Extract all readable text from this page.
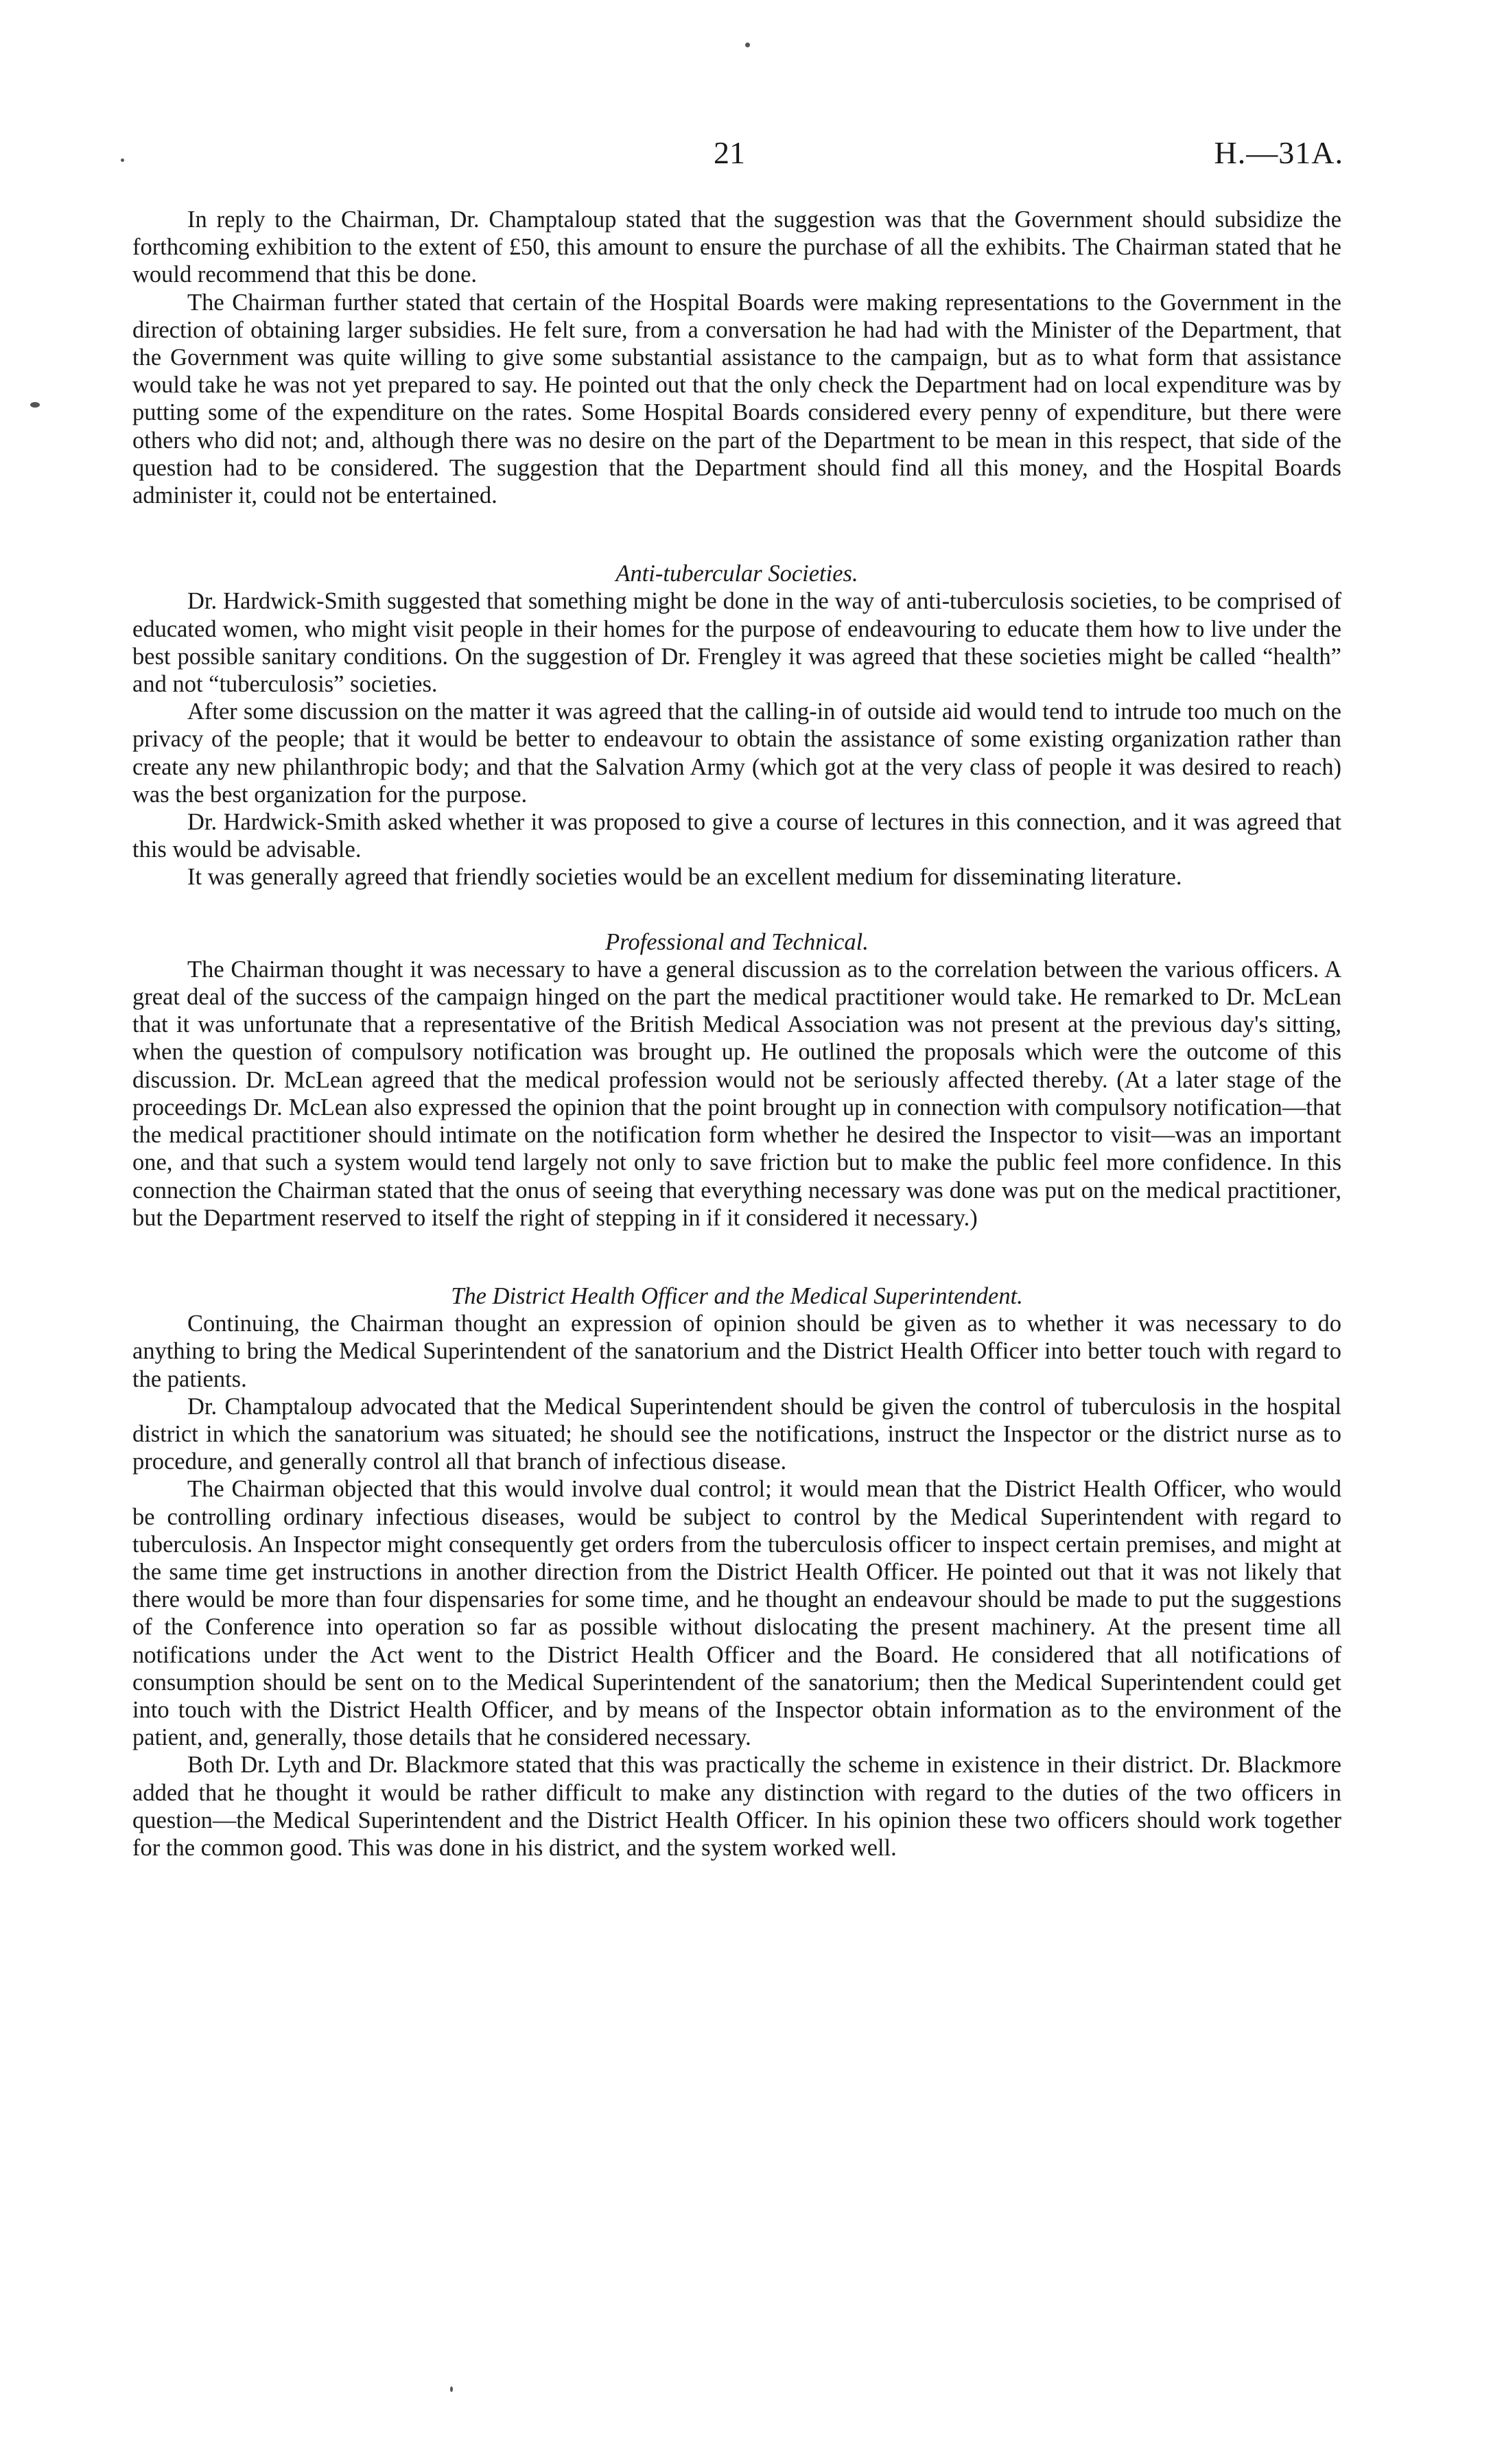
21	H.—31A.

In reply to the Chairman, Dr. Champtaloup stated that the suggestion was that the Government should subsidize the forthcoming exhibition to the extent of £50, this amount to ensure the purchase of all the exhibits. The Chairman stated that he would recommend that this be done.

The Chairman further stated that certain of the Hospital Boards were making representations to the Government in the direction of obtaining larger subsidies. He felt sure, from a conversation he had had with the Minister of the Department, that the Government was quite willing to give some substantial assistance to the campaign, but as to what form that assistance would take he was not yet prepared to say. He pointed out that the only check the Department had on local expenditure was by putting some of the expenditure on the rates. Some Hospital Boards considered every penny of expenditure, but there were others who did not; and, although there was no desire on the part of the Department to be mean in this respect, that side of the question had to be considered. The suggestion that the Department should find all this money, and the Hospital Boards administer it, could not be entertained.

Anti-tubercular Societies.

Dr. Hardwick-Smith suggested that something might be done in the way of anti-tuberculosis societies, to be comprised of educated women, who might visit people in their homes for the purpose of endeavouring to educate them how to live under the best possible sanitary conditions. On the suggestion of Dr. Frengley it was agreed that these societies might be called “health” and not “tuberculosis” societies.

After some discussion on the matter it was agreed that the calling-in of outside aid would tend to intrude too much on the privacy of the people; that it would be better to endeavour to obtain the assistance of some existing organization rather than create any new philanthropic body; and that the Salvation Army (which got at the very class of people it was desired to reach) was the best organization for the purpose.

Dr. Hardwick-Smith asked whether it was proposed to give a course of lectures in this connection, and it was agreed that this would be advisable.

It was generally agreed that friendly societies would be an excellent medium for disseminating literature.

Professional and Technical.

The Chairman thought it was necessary to have a general discussion as to the correlation between the various officers. A great deal of the success of the campaign hinged on the part the medical practitioner would take. He remarked to Dr. McLean that it was unfortunate that a representative of the British Medical Association was not present at the previous day's sitting, when the question of compulsory notification was brought up. He outlined the proposals which were the outcome of this discussion. Dr. McLean agreed that the medical profession would not be seriously affected thereby. (At a later stage of the proceedings Dr. McLean also expressed the opinion that the point brought up in connection with compulsory notification—that the medical practitioner should intimate on the notification form whether he desired the Inspector to visit—was an important one, and that such a system would tend largely not only to save friction but to make the public feel more confidence. In this connection the Chairman stated that the onus of seeing that everything necessary was done was put on the medical practitioner, but the Department reserved to itself the right of stepping in if it considered it necessary.)

The District Health Officer and the Medical Superintendent.

Continuing, the Chairman thought an expression of opinion should be given as to whether it was necessary to do anything to bring the Medical Superintendent of the sanatorium and the District Health Officer into better touch with regard to the patients.

Dr. Champtaloup advocated that the Medical Superintendent should be given the control of tuberculosis in the hospital district in which the sanatorium was situated; he should see the notifications, instruct the Inspector or the district nurse as to procedure, and generally control all that branch of infectious disease.

The Chairman objected that this would involve dual control; it would mean that the District Health Officer, who would be controlling ordinary infectious diseases, would be subject to control by the Medical Superintendent with regard to tuberculosis. An Inspector might consequently get orders from the tuberculosis officer to inspect certain premises, and might at the same time get instructions in another direction from the District Health Officer. He pointed out that it was not likely that there would be more than four dispensaries for some time, and he thought an endeavour should be made to put the suggestions of the Conference into operation so far as possible without dislocating the present machinery. At the present time all notifications under the Act went to the District Health Officer and the Board. He considered that all notifications of consumption should be sent on to the Medical Superintendent of the sanatorium; then the Medical Superintendent could get into touch with the District Health Officer, and by means of the Inspector obtain information as to the environment of the patient, and, generally, those details that he considered necessary.

Both Dr. Lyth and Dr. Blackmore stated that this was practically the scheme in existence in their district. Dr. Blackmore added that he thought it would be rather difficult to make any distinction with regard to the duties of the two officers in question—the Medical Superintendent and the District Health Officer. In his opinion these two officers should work together for the common good. This was done in his district, and the system worked well.
